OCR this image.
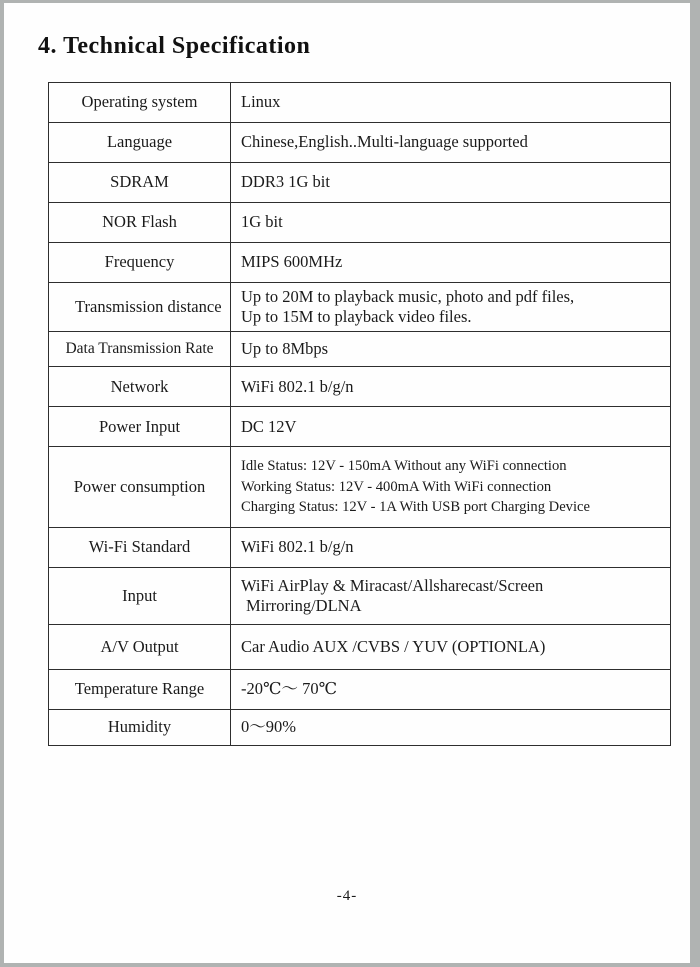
4. Technical Specification
Operating system	Linux
Language	Chinese,English..Multi-language supported
SDRAM	DDR3 1G bit
NOR Flash	1G bit
Frequency	MIPS 600MHz
Transmission distance	Up to 20M to playback music, photo and pdf files,
Up to 15M to playback video files.

Data Transmission Rate	Up to 8Mbps
Network	WiFi 802.1 b/g/n
Power Input	DC 12V
Power consumption	Idle Status: 12V - 150mA Without any WiFi connection
Working Status: 12V - 400mA With WiFi connection
Charging Status: 12V - 1A With USB port Charging Device

Wi-Fi Standard	WiFi 802.1 b/g/n
Input	WiFi AirPlay & Miracast/Allsharecast/Screen
Mirroring/DLNA

A/V Output	Car Audio AUX /CVBS / YUV (OPTIONLA)
Temperature Range	-20℃～ 70℃
Humidity	0～90%
-4-
